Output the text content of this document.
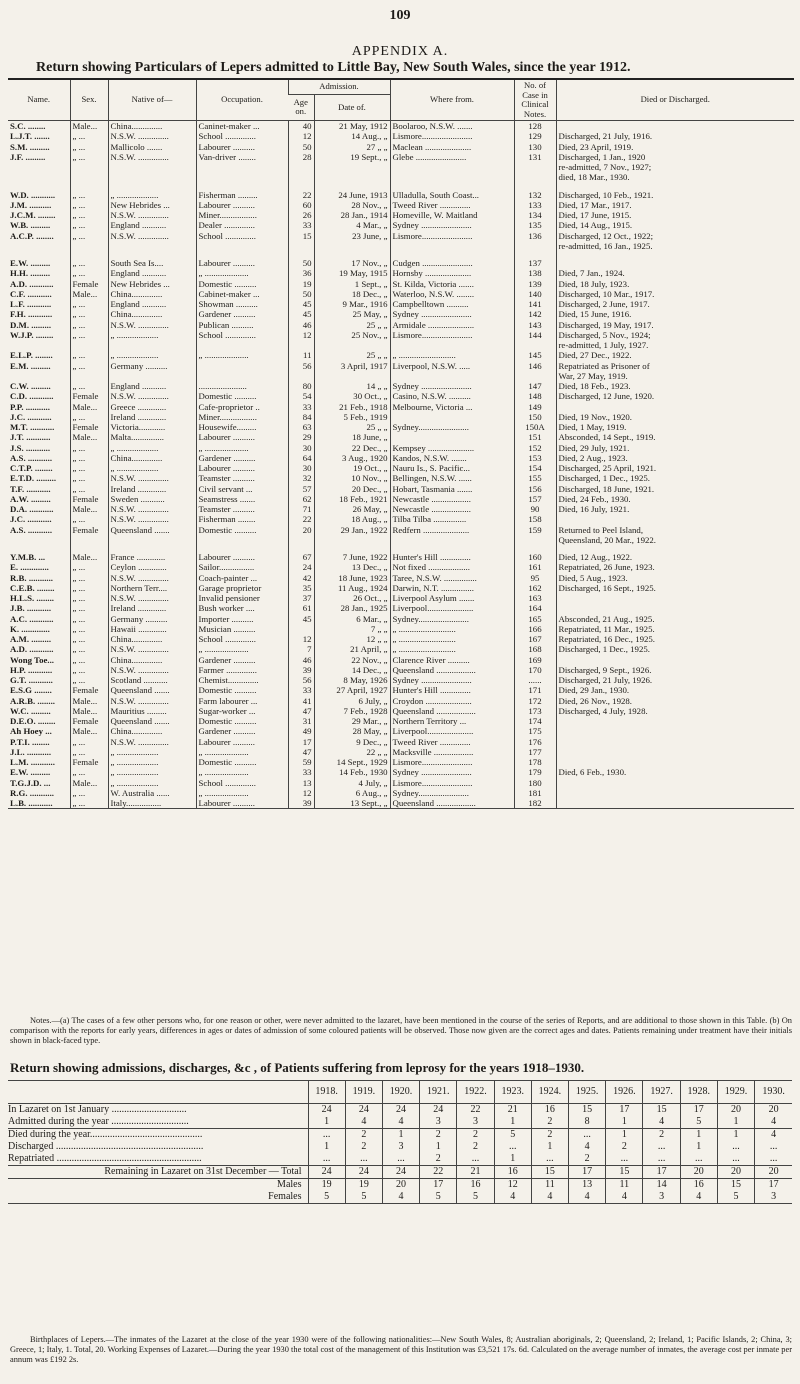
109
APPENDIX A.
Return showing Particulars of Lepers admitted to Little Bay, New South Wales, since the year 1912.
Name.	Sex.	Native of—	Occupation.	Admission.		Where from.	No. of Case in Clinical Notes.	Died or Discharged.
				Age on.	Date of.			
S.C. ........	Male...	China..............	Caninet-maker ...	40	21 May, 1912	Boolaroo, N.S.W. .......	128	
L.J.T. .......	„ ...	N.S.W. ..............	School ..............	12	14 Aug., „	Lismore.......................	129	Discharged, 21 July, 1916.
S.M. .........	„ ...	Mallicolo .......	Labourer ..........	50	27 „ „	Maclean .....................	130	Died, 23 April, 1919.
J.F. .........	„ ...	N.S.W. ..............	Van-driver ........	28	19 Sept., „	Glebe .......................	131	Discharged, 1 Jan., 1920
								re-admitted, 7 Nov., 1927;
								died, 18 Mar., 1930.
W.D. ...........	„ ...	„ ...................	Fisherman .........	22	24 June, 1913	Ulladulla, South Coast...	132	Discharged, 10 Feb., 1921.
J.M. ..........	„ ...	New Hebrides ...	Labourer ..........	60	28 Nov., „	Tweed River ..............	133	Died, 17 Mar., 1917.
J.C.M. ........	„ ...	N.S.W. ..............	Miner.................	26	28 Jan., 1914	Homeville, W. Maitland	134	Died, 17 June, 1915.
W.B. .........	„ ...	England ...........	Dealer ..............	33	4 Mar., „	Sydney .......................	135	Died, 14 Aug., 1915.
A.C.P. ........	„ ...	N.S.W. ..............	School ..............	15	23 June, „	Lismore.......................	136	Discharged, 12 Oct., 1922;
								re-admitted, 16 Jan., 1925.
E.W. .........	„ ...	South Sea Is....	Labourer ..........	50	17 Nov., „	Cudgen .......................	137	
H.H. .........	„ ...	England ...........	„ ....................	36	19 May, 1915	Hornsby .....................	138	Died, 7 Jan., 1924.
A.D. ...........	Female	New Hebrides ...	Domestic ..........	19	1 Sept., „	St. Kilda, Victoria .......	139	Died, 18 July, 1923.
C.F. ...........	Male...	China..............	Cabinet-maker ...	50	18 Dec., „	Waterloo, N.S.W. ........	140	Discharged, 10 Mar., 1917.
L.F. ...........	„ ...	England ...........	Showman ..........	45	9 Mar., 1916	Campbelltown ..........	141	Discharged, 2 June, 1917.
F.H. ...........	„ ...	China..............	Gardener ..........	45	25 May, „	Sydney .......................	142	Died, 15 June, 1916.
D.M. .........	„ ...	N.S.W. ..............	Publican ..........	46	25 „ „	Armidale .....................	143	Discharged, 19 May, 1917.
W.J.P. ........	„ ...	„ ...................	School ..............	12	25 Nov., „	Lismore.......................	144	Discharged, 5 Nov., 1924;
								re-admitted, 1 July, 1927.
E.L.P. ........	„ ...	„ ...................	„ ....................	11	25 „ „	„ ..........................	145	Died, 27 Dec., 1922.
E.M. .........	„ ...	Germany ..........		56	3 April, 1917	Liverpool, N.S.W. .....	146	Repatriated as Prisoner of
								War, 27 May, 1919.
C.W. .........	„ ...	England ...........	......................	80	14 „ „	Sydney .......................	147	Died, 18 Feb., 1923.
C.D. ...........	Female	N.S.W. ..............	Domestic ..........	54	30 Oct., „	Casino, N.S.W. ..........	148	Discharged, 12 June, 1920.
P.P. ...........	Male...	Greece .............	Cafe-proprietor ..	33	21 Feb., 1918	Melbourne, Victoria ...	149	
J.C. ...........	„ ...	Ireland .............	Miner.................	84	5 Feb., 1919		150	Died, 19 Nov., 1920.
M.T. ...........	Female	Victoria............	Housewife.........	63	25 „ „	Sydney.......................	150A	Died, 1 May, 1919.
J.T. ...........	Male...	Malta...............	Labourer ..........	29	18 June, „		151	Absconded, 14 Sept., 1919.
J.S. ...........	„ ...	„ ...................	„ ....................	30	22 Dec., „	Kempsey .....................	152	Died, 29 July, 1921.
A.S. ...........	„ ...	China..............	Gardener ..........	64	3 Aug., 1920	Kandos, N.S.W. .......	153	Died, 2 Aug., 1923.
C.T.P. ........	„ ...	„ ...................	Labourer ..........	30	19 Oct., „	Nauru Is., S. Pacific...	154	Discharged, 25 April, 1921.
E.T.D. .........	„ ...	N.S.W. ..............	Teamster ..........	32	10 Nov., „	Bellingen, N.S.W. ......	155	Discharged, 1 Dec., 1925.
T.F. ...........	„ ...	Ireland .............	Civil servant ...	57	20 Dec., „	Hobart, Tasmania .......	156	Discharged, 18 June, 1921.
A.W. .........	Female	Sweden ...........	Seamstress .......	62	18 Feb., 1921	Newcastle ..................	157	Died, 24 Feb., 1930.
D.A. ...........	Male...	N.S.W. ..............	Teamster ..........	71	26 May, „	Newcastle ..................	90	Died, 16 July, 1921.
J.C. ...........	„ ...	N.S.W. ..............	Fisherman ........	22	18 Aug., „	Tilba Tilba ...............	158	
A.S. ...........	Female	Queensland .......	Domestic ..........	20	29 Jan., 1922	Redfern .....................	159	Returned to Peel Island,
								Queensland, 20 Mar., 1922.
Y.M.B. ...	Male...	France .............	Labourer ..........	67	7 June, 1922	Hunter's Hill ..............	160	Died, 12 Aug., 1922.
E. .............	„ ...	Ceylon .............	Sailor................	24	13 Dec., „	Not fixed ...................	161	Repatriated, 26 June, 1923.
R.B. ...........	„ ...	N.S.W. ..............	Coach-painter ...	42	18 June, 1923	Taree, N.S.W. ...............	95	Died, 5 Aug., 1923.
C.E.B. ........	„ ...	Northern Terr....	Garage proprietor	35	11 Aug., 1924	Darwin, N.T. ...............	162	Discharged, 16 Sept., 1925.
H.L.S. ........	„ ...	N.S.W. ..............	Invalid pensioner	37	26 Oct., „	Liverpool Asylum .......	163	
J.B. ...........	„ ...	Ireland .............	Bush worker ....	61	28 Jan., 1925	Liverpool.....................	164	
A.C. ...........	„ ...	Germany ..........	Importer ..........	45	6 Mar., „	Sydney.......................	165	Absconded, 21 Aug., 1925.
K. .............	„ ...	Hawaii .............	Musician ..........		7 „ „	„ ..........................	166	Repatriated, 11 Mar., 1925.
A.M. .........	„ ...	China..............	School ..............	12	12 „ „	„ ..........................	167	Repatriated, 16 Dec., 1925.
A.D. ...........	„ ...	N.S.W. ..............	„ ....................	7	21 April, „	„ ..........................	168	Discharged, 1 Dec., 1925.
Wong Toe...	„ ...	China..............	Gardener ..........	46	22 Nov., „	Clarence River ..........	169	
H.P. ...........	„ ...	N.S.W. ..............	Farmer ..............	39	14 Dec., „	Queensland ..................	170	Discharged, 9 Sept., 1926.
G.T. ...........	„ ...	Scotland ...........	Chemist..............	56	8 May, 1926	Sydney .......................	......	Discharged, 21 July, 1926.
E.S.G ........	Female	Queensland .......	Domestic ..........	33	27 April, 1927	Hunter's Hill ..............	171	Died, 29 Jan., 1930.
A.R.B. ........	Male...	N.S.W. ..............	Farm labourer ...	41	6 July, „	Croydon .....................	172	Died, 26 Nov., 1928.
W.C. .........	Male...	Mauritius .........	Sugar-worker ...	47	7 Feb., 1928	Queensland ..................	173	Discharged, 4 July, 1928.
D.E.O. ........	Female	Queensland .......	Domestic ..........	31	29 Mar., „	Northern Territory ...	174	
Ah Hoey ...	Male...	China..............	Gardener ..........	49	28 May, „	Liverpool.....................	175	
P.T.I. ........	„ ...	N.S.W. ..............	Labourer ..........	17	9 Dec., „	Tweed River ..............	176	
J.L. ...........	„ ...	„ ...................	„ ....................	47	22 „ „	Macksville ..................	177	
L.M. ...........	Female	„ ...................	Domestic ..........	59	14 Sept., 1929	Lismore.......................	178	
E.W. .........	„ ...	„ ...................	„ ....................	33	14 Feb., 1930	Sydney .......................	179	Died, 6 Feb., 1930.
T.G.J.D. ...	Male...	„ ...................	School ..............	13	4 July, „	Lismore.......................	180	
R.G. ...........	„ ...	W. Australia ......	„ ....................	12	6 Aug., „	Sydney.......................	181	
L.B. ...........	„ ...	Italy................	Labourer ..........	39	13 Sept., „	Queensland ..................	182	
Notes.—(a) The cases of a few other persons who, for one reason or other, were never admitted to the lazaret, have been mentioned in the course of the series of Reports, and are additional to those shown in this Table. (b) On comparison with the reports for early years, differences in ages or dates of admission of some coloured patients will be observed. Those now given are the correct ages and dates. Patients remaining under treatment have their initials shown in black-faced type.
Return showing admissions, discharges, &c , of Patients suffering from leprosy for the years 1918–1930.
	1918.	1919.	1920.	1921.	1922.	1923.	1924.	1925.	1926.	1927.	1928.	1929.	1930.
In Lazaret on 1st January ..............................	24	24	24	24	22	21	16	15	17	15	17	20	20
Admitted during the year ...............................	1	4	4	3	3	1	2	8	1	4	5	1	4
Died during the year.............................................	...	2	1	2	2	5	2	...	1	2	1	1	4
Discharged ...........................................................	1	2	3	1	2	...	1	4	2	...	1	...	...
Repatriated ..........................................................	...	...	...	2	...	1	...	2	...	...	...	...	...
Remaining in Lazaret on 31st December — Total	24	24	24	22	21	16	15	17	15	17	20	20	20
Males	19	19	20	17	16	12	11	13	11	14	16	15	17
Females	5	5	4	5	5	4	4	4	4	3	4	5	3
Birthplaces of Lepers.—The inmates of the Lazaret at the close of the year 1930 were of the following nationalities:—New South Wales, 8; Australian aboriginals, 2; Queensland, 2; Ireland, 1; Pacific Islands, 2; China, 3; Greece, 1; Italy, 1. Total, 20. Working Expenses of Lazaret.—During the year 1930 the total cost of the management of this Institution was £3,521 17s. 6d. Calculated on the average number of inmates, the average cost per inmate per annum was £192 2s.
